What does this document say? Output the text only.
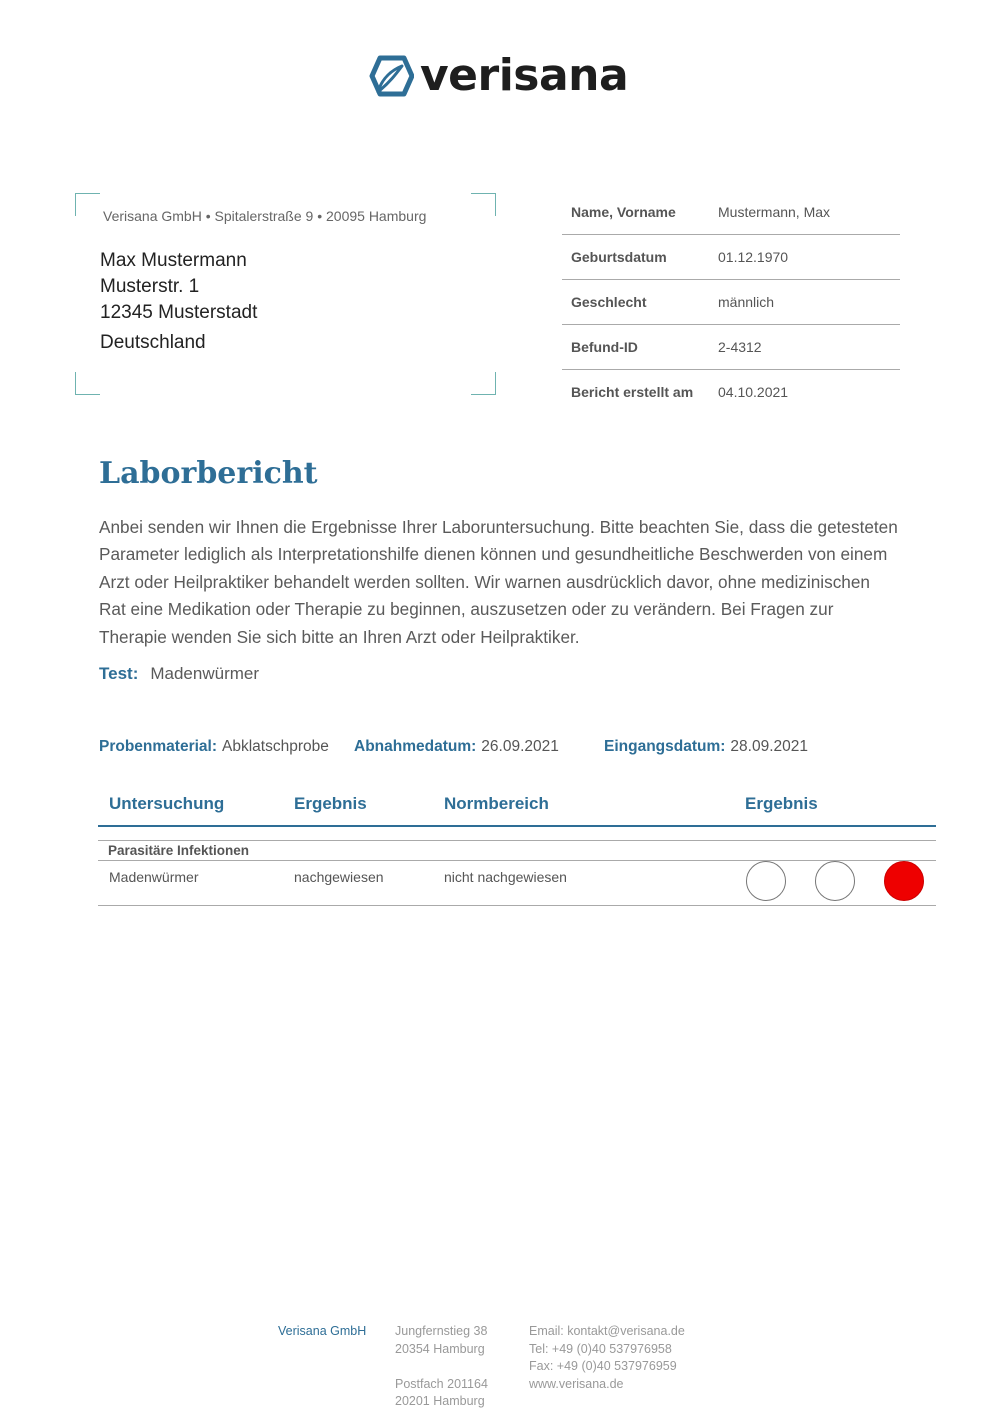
verisana
Verisana GmbH • Spitalerstraße 9 • 20095 Hamburg
Max Mustermann
Musterstr. 1
12345 Musterstadt
Deutschland
Name, Vorname	Mustermann, Max
Geburtsdatum	01.12.1970
Geschlecht	männlich
Befund-ID	2-4312
Bericht erstellt am	04.10.2021
Laborbericht

Anbei senden wir Ihnen die Ergebnisse Ihrer Laboruntersuchung. Bitte beachten Sie, dass die getesteten Parameter lediglich als Interpretationshilfe dienen können und gesundheitliche Beschwerden von einem Arzt oder Heilpraktiker behandelt werden sollten. Wir warnen ausdrücklich davor, ohne medizinischen Rat eine Medikation oder Therapie zu beginnen, auszusetzen oder zu verändern. Bei Fragen zur Therapie wenden Sie sich bitte an Ihren Arzt oder Heilpraktiker.

Test: Madenwürmer
Probenmaterial: Abklatschprobe Abnahmedatum: 26.09.2021	Eingangsdatum: 28.09.2021
Untersuchung	Ergebnis	Normbereich	Ergebnis
Parasitäre Infektionen
Madenwürmer	nachgewiesen	nicht nachgewiesen
Verisana GmbH Jungfernstieg 38
20354 Hamburg
Postfach 201164
20201 Hamburg
Email: kontakt@verisana.de
Tel: +49 (0)40 537976958
Fax: +49 (0)40 537976959
www.verisana.de
